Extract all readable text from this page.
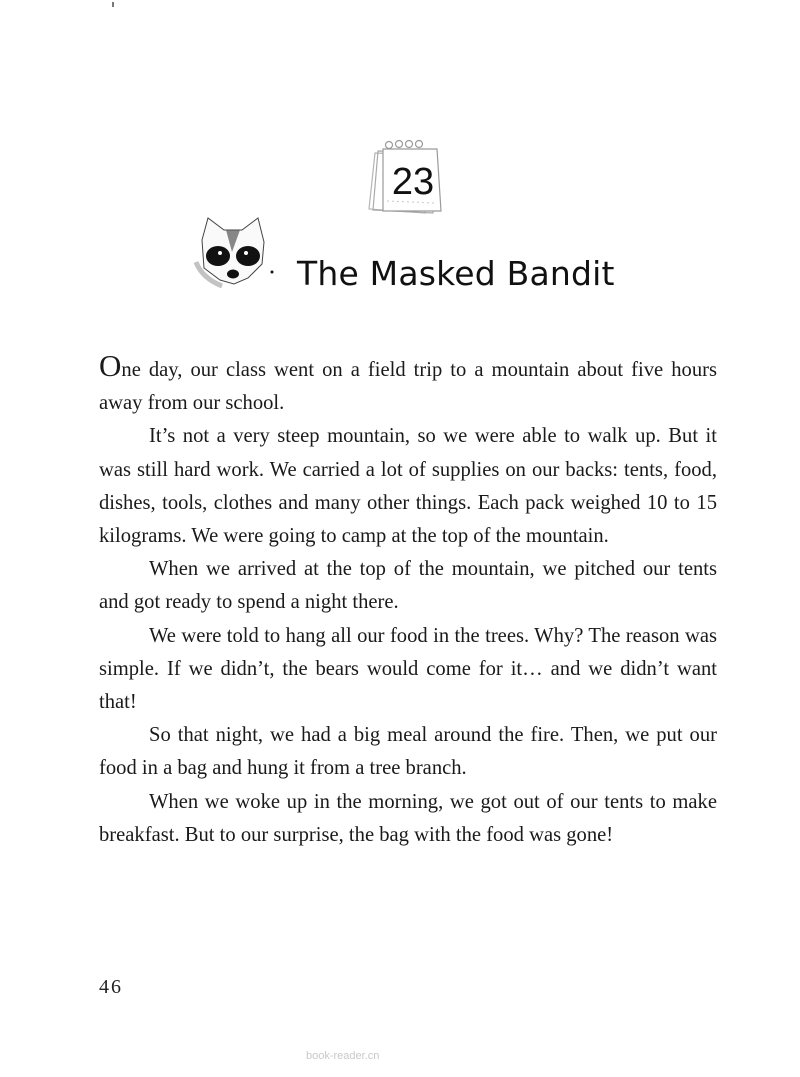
23
The Masked Bandit

One day, our class went on a field trip to a mountain about five hours away from our school.

It’s not a very steep mountain, so we were able to walk up. But it was still hard work. We carried a lot of supplies on our backs: tents, food, dishes, tools, clothes and many other things. Each pack weighed 10 to 15 kilograms. We were going to camp at the top of the mountain.

When we arrived at the top of the mountain, we pitched our tents and got ready to spend a night there.

We were told to hang all our food in the trees. Why? The reason was simple. If we didn’t, the bears would come for it… and we didn’t want that!

So that night, we had a big meal around the fire. Then, we put our food in a bag and hung it from a tree branch.

When we woke up in the morning, we got out of our tents to make breakfast. But to our surprise, the bag with the food was gone!

46
book-reader.cn
